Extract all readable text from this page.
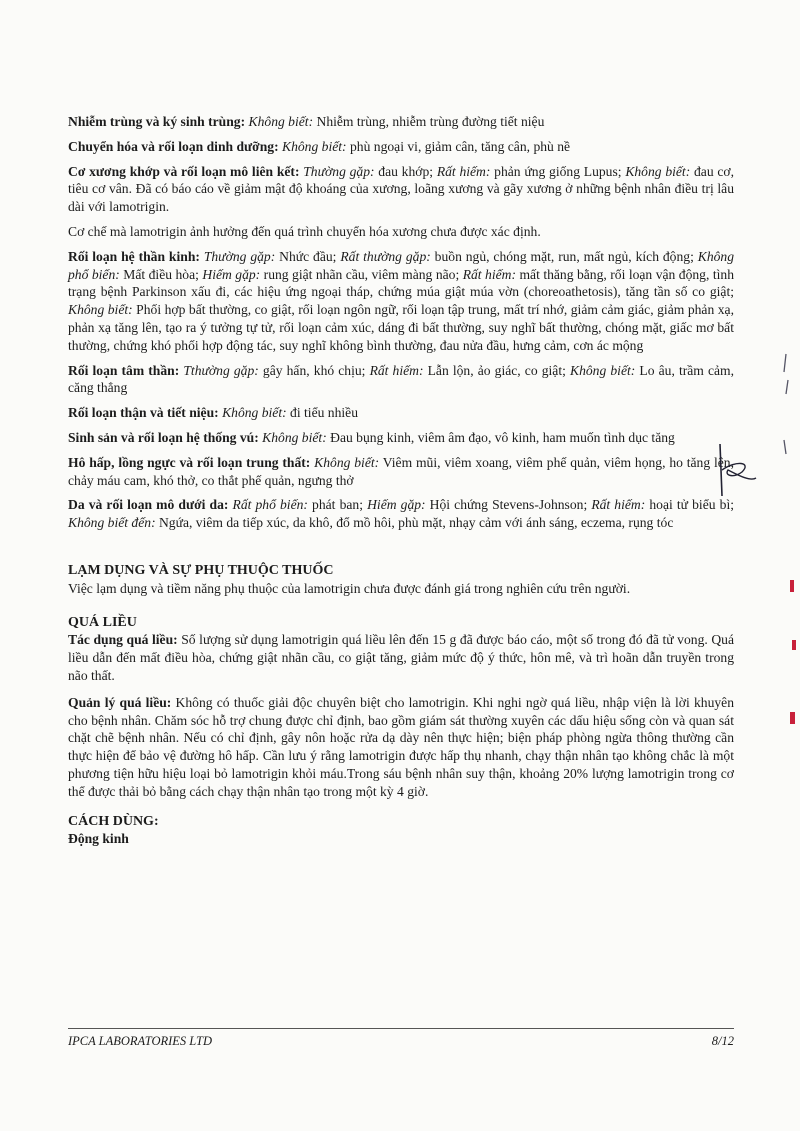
Nhiễm trùng và ký sinh trùng: Không biết: Nhiễm trùng, nhiễm trùng đường tiết niệu

Chuyển hóa và rối loạn dinh dưỡng: Không biết: phù ngoại vi, giảm cân, tăng cân, phù nề

Cơ xương khớp và rối loạn mô liên kết: Thường gặp: đau khớp; Rất hiếm: phản ứng giống Lupus; Không biết: đau cơ, tiêu cơ vân. Đã có báo cáo về giảm mật độ khoáng của xương, loãng xương và gãy xương ở những bệnh nhân điều trị lâu dài với lamotrigin.

Cơ chế mà lamotrigin ảnh hưởng đến quá trình chuyển hóa xương chưa được xác định.

Rối loạn hệ thần kinh: Thường gặp: Nhức đầu; Rất thường gặp: buồn ngủ, chóng mặt, run, mất ngủ, kích động; Không phổ biến: Mất điều hòa; Hiếm gặp: rung giật nhãn cầu, viêm màng não; Rất hiếm: mất thăng bằng, rối loạn vận động, tình trạng bệnh Parkinson xấu đi, các hiệu ứng ngoại tháp, chứng múa giật múa vờn (choreoathetosis), tăng tần số co giật; Không biết: Phối hợp bất thường, co giật, rối loạn ngôn ngữ, rối loạn tập trung, mất trí nhớ, giảm cảm giác, giảm phản xạ, phản xạ tăng lên, tạo ra ý tưởng tự tử, rối loạn cảm xúc, dáng đi bất thường, suy nghĩ bất thường, chóng mặt, giấc mơ bất thường, chứng khó phối hợp động tác, suy nghĩ không bình thường, đau nửa đầu, hưng cảm, cơn ác mộng

Rối loạn tâm thần: Tthường gặp: gây hấn, khó chịu; Rất hiếm: Lẫn lộn, ảo giác, co giật; Không biết: Lo âu, trầm cảm, căng thẳng

Rối loạn thận và tiết niệu: Không biết: đi tiểu nhiều

Sinh sản và rối loạn hệ thống vú: Không biết: Đau bụng kinh, viêm âm đạo, vô kinh, ham muốn tình dục tăng

Hô hấp, lồng ngực và rối loạn trung thất: Không biết: Viêm mũi, viêm xoang, viêm phế quản, viêm họng, ho tăng lên, chảy máu cam, khó thở, co thắt phế quản, ngưng thở

Da và rối loạn mô dưới da: Rất phổ biến: phát ban; Hiếm gặp: Hội chứng Stevens-Johnson; Rất hiếm: hoại tử biểu bì; Không biết đến: Ngứa, viêm da tiếp xúc, da khô, đổ mồ hôi, phù mặt, nhạy cảm với ánh sáng, eczema, rụng tóc

LẠM DỤNG VÀ SỰ PHỤ THUỘC THUỐC

Việc lạm dụng và tiềm năng phụ thuộc của lamotrigin chưa được đánh giá trong nghiên cứu trên người.

QUÁ LIỀU

Tác dụng quá liều: Số lượng sử dụng lamotrigin quá liều lên đến 15 g đã được báo cáo, một số trong đó đã tử vong. Quá liều dẫn đến mất điều hòa, chứng giật nhãn cầu, co giật tăng, giảm mức độ ý thức, hôn mê, và trì hoãn dẫn truyền trong não thất.

Quản lý quá liều: Không có thuốc giải độc chuyên biệt cho lamotrigin. Khi nghi ngờ quá liều, nhập viện là lời khuyên cho bệnh nhân. Chăm sóc hỗ trợ chung được chỉ định, bao gồm giám sát thường xuyên các dấu hiệu sống còn và quan sát chặt chẽ bệnh nhân. Nếu có chỉ định, gây nôn hoặc rửa dạ dày nên thực hiện; biện pháp phòng ngừa thông thường cần thực hiện để bảo vệ đường hô hấp. Cần lưu ý rằng lamotrigin được hấp thụ nhanh, chạy thận nhân tạo không chắc là một phương tiện hữu hiệu loại bỏ lamotrigin khỏi máu.Trong sáu bệnh nhân suy thận, khoảng 20% lượng lamotrigin trong cơ thể được thải bỏ bằng cách chạy thận nhân tạo trong một kỳ 4 giờ.

CÁCH DÙNG:

Động kinh

IPCA LABORATORIES LTD	8/12
